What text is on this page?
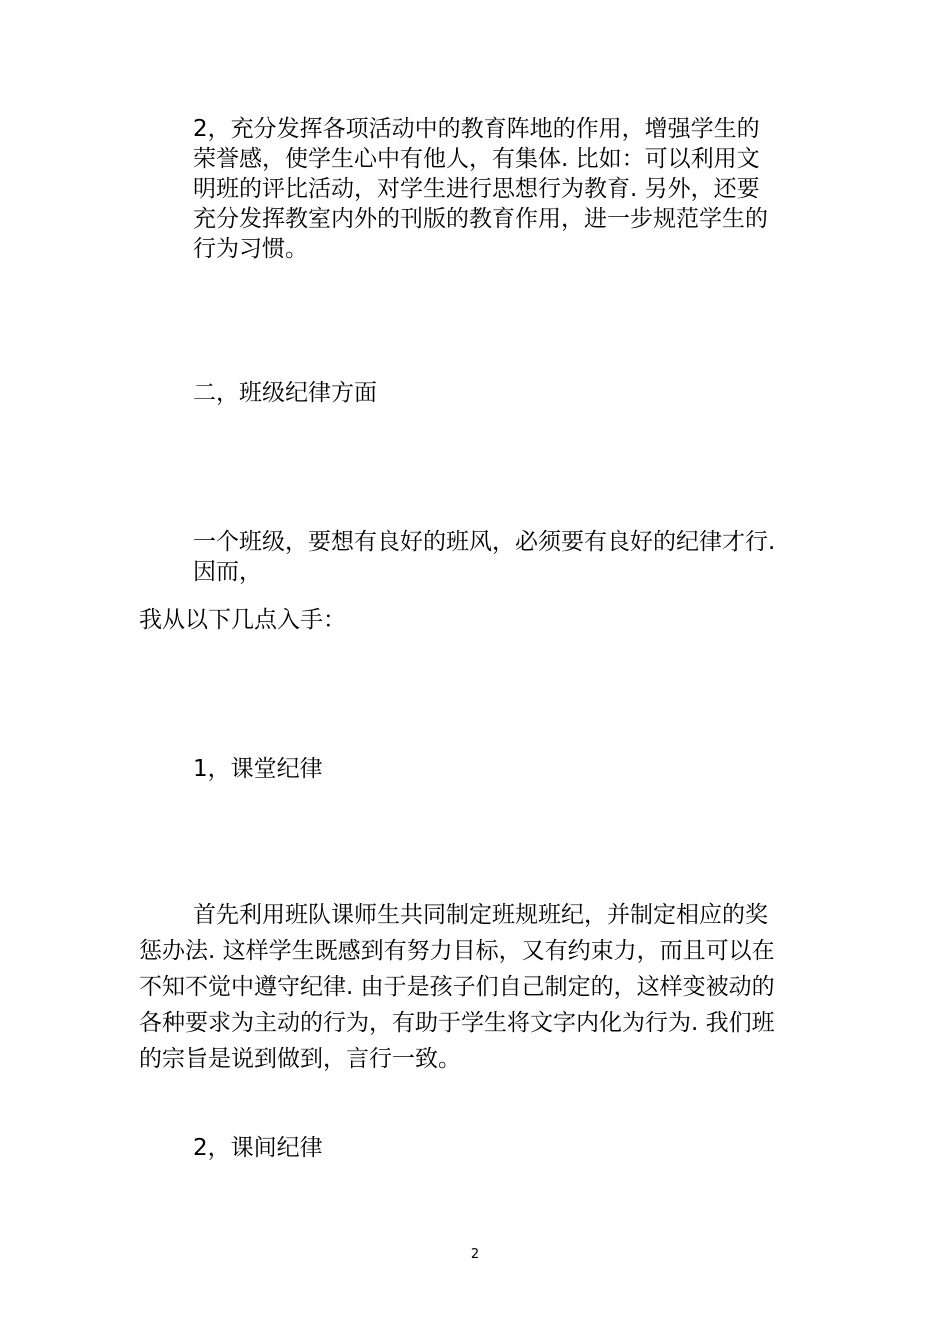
2，充分发挥各项活动中的教育阵地的作用，增强学生的
荣誉感，使学生心中有他人，有集体. 比如：可以利用文
明班的评比活动，对学生进行思想行为教育. 另外，还要
充分发挥教室内外的刊版的教育作用，进一步规范学生的
行为习惯。
二，班级纪律方面
一个班级，要想有良好的班风，必须要有良好的纪律才行.
因而，
我从以下几点入手：
1，课堂纪律
首先利用班队课师生共同制定班规班纪，并制定相应的奖
惩办法. 这样学生既感到有努力目标，又有约束力，而且可以在
不知不觉中遵守纪律. 由于是孩子们自己制定的，这样变被动的
各种要求为主动的行为，有助于学生将文字内化为行为. 我们班
的宗旨是说到做到，言行一致。
2，课间纪律
2
